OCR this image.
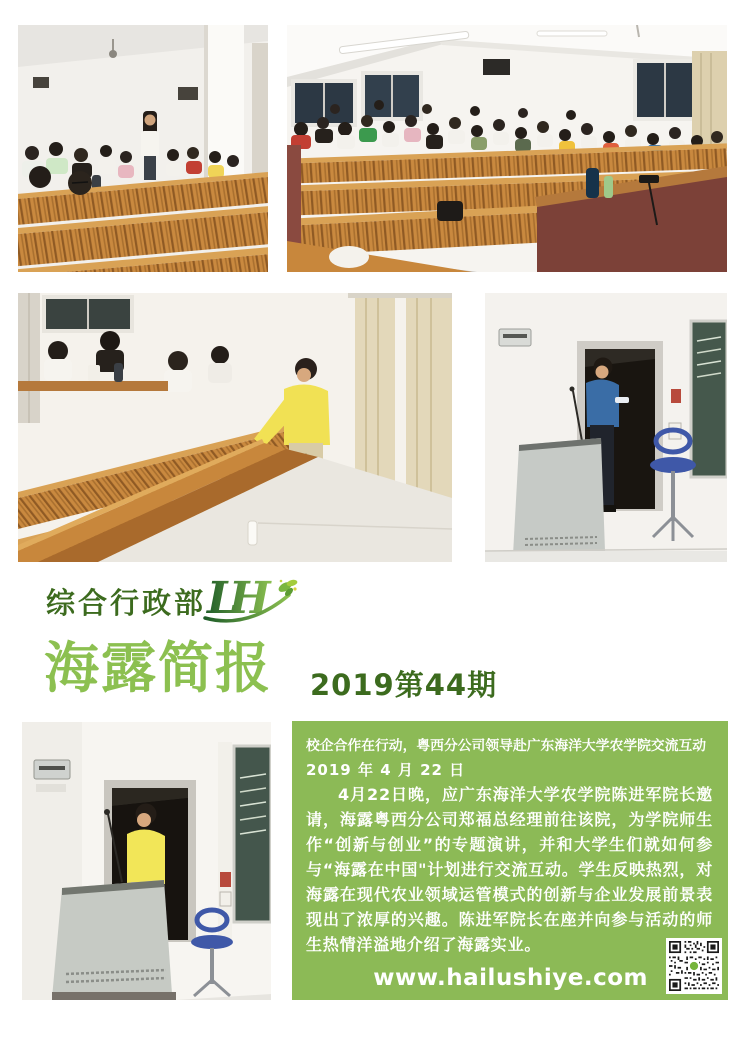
综合行政部 LH
海露简报 2019第44期
校企合作在行动，粤西分公司领导赴广东海洋大学农学院交流互动
2019 年 4 月 22 日
4月22日晚，应广东海洋大学农学院陈进军院长邀请，海露粤西分公司郑福总经理前往该院，为学院师生作“创新与创业”的专题演讲，并和大学生们就如何参与“海露在中国"计划进行交流互动。学生反映热烈，对海露在现代农业领域运管模式的创新与企业发展前景表现出了浓厚的兴趣。陈进军院长在座并向参与活动的师生热情洋溢地介绍了海露实业。
www.hailushiye.com
